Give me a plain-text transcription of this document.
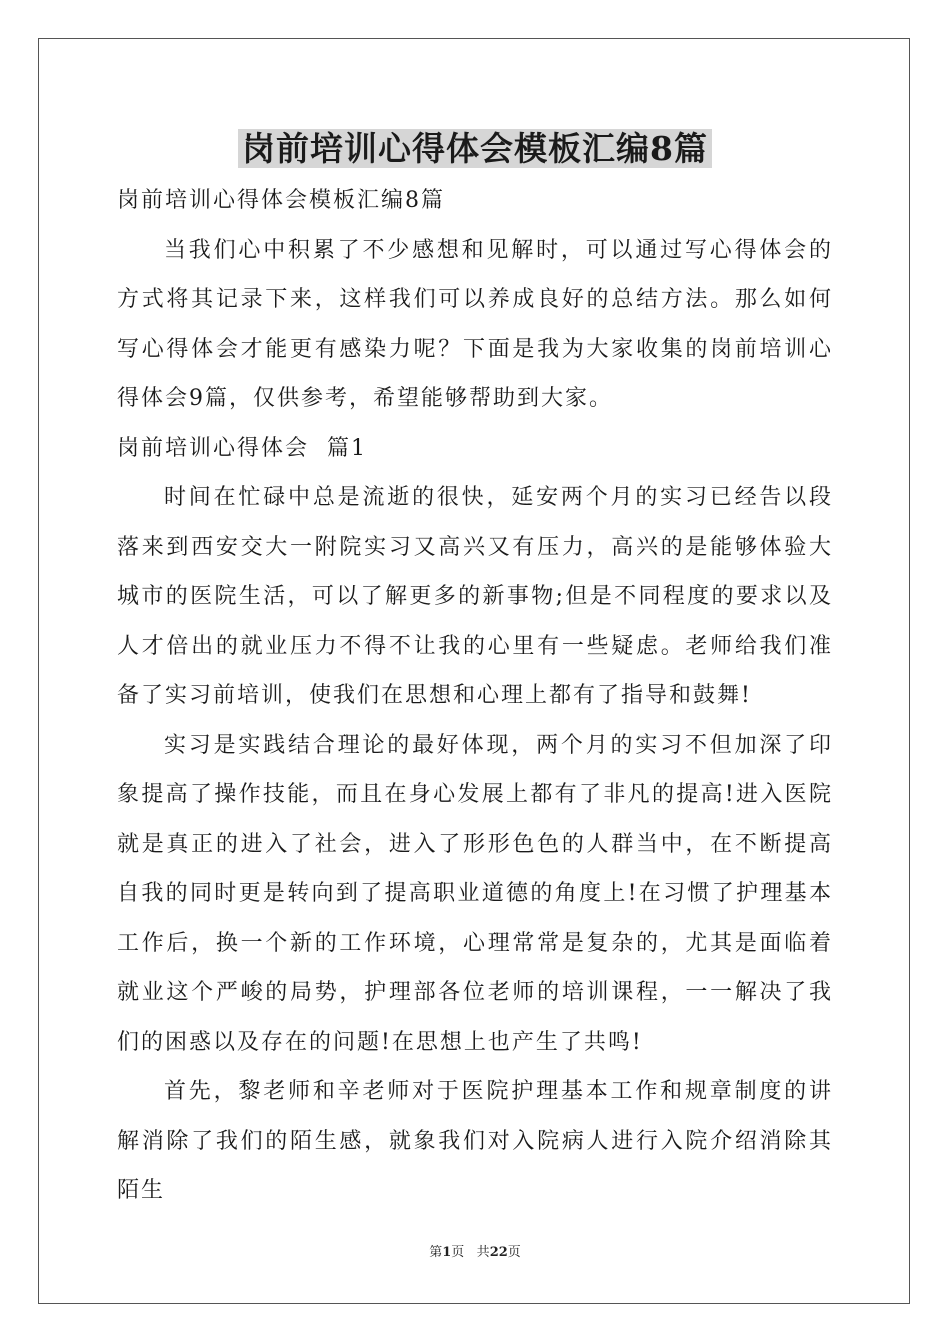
岗前培训心得体会模板汇编8篇

岗前培训心得体会模板汇编8篇

当我们心中积累了不少感想和见解时，可以通过写心得体会的方式将其记录下来，这样我们可以养成良好的总结方法。那么如何写心得体会才能更有感染力呢？下面是我为大家收集的岗前培训心得体会9篇，仅供参考，希望能够帮助到大家。

岗前培训心得体会  篇1

时间在忙碌中总是流逝的很快，延安两个月的实习已经告以段落来到西安交大一附院实习又高兴又有压力，高兴的是能够体验大城市的医院生活，可以了解更多的新事物;但是不同程度的要求以及人才倍出的就业压力不得不让我的心里有一些疑虑。老师给我们准备了实习前培训，使我们在思想和心理上都有了指导和鼓舞!

实习是实践结合理论的最好体现，两个月的实习不但加深了印象提高了操作技能，而且在身心发展上都有了非凡的提高!进入医院就是真正的进入了社会，进入了形形色色的人群当中，在不断提高自我的同时更是转向到了提高职业道德的角度上!在习惯了护理基本工作后，换一个新的工作环境，心理常常是复杂的，尤其是面临着就业这个严峻的局势，护理部各位老师的培训课程，一一解决了我们的困惑以及存在的问题!在思想上也产生了共鸣!

首先，黎老师和辛老师对于医院护理基本工作和规章制度的讲解消除了我们的陌生感，就象我们对入院病人进行入院介绍消除其陌生

第1页 共22页
